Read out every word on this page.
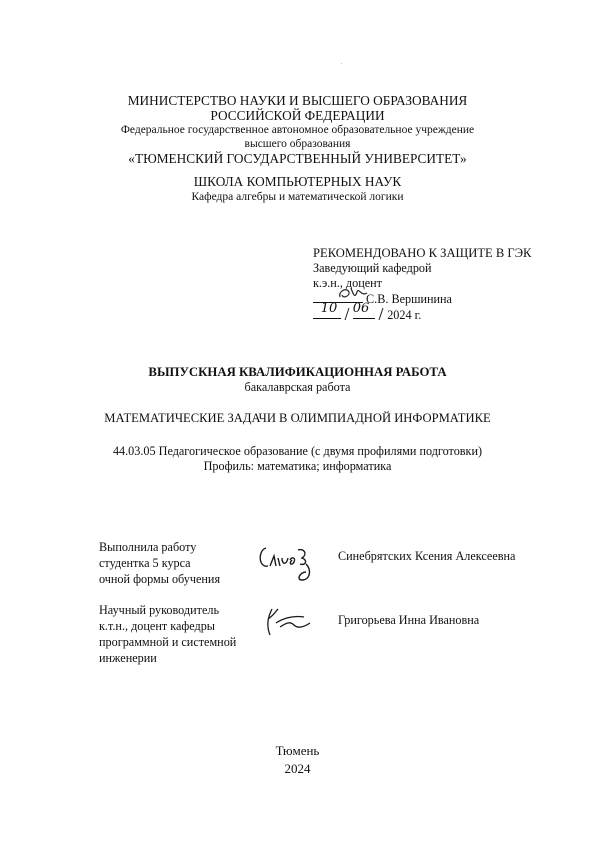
.
МИНИСТЕРСТВО НАУКИ И ВЫСШЕГО ОБРАЗОВАНИЯ
РОССИЙСКОЙ ФЕДЕРАЦИИ
Федеральное государственное автономное образовательное учреждение
высшего образования
«ТЮМЕНСКИЙ ГОСУДАРСТВЕННЫЙ УНИВЕРСИТЕТ»
ШКОЛА КОМПЬЮТЕРНЫХ НАУК
Кафедра алгебры и математической логики
РЕКОМЕНДОВАНО К ЗАЩИТЕ В ГЭК
Заведующий кафедрой
к.э.н., доцент

С.В. Вершинина

10
06	2024 г.
ВЫПУСКНАЯ КВАЛИФИКАЦИОННАЯ РАБОТА
бакалаврская работа
МАТЕМАТИЧЕСКИЕ ЗАДАЧИ В ОЛИМПИАДНОЙ ИНФОРМАТИКЕ
44.03.05 Педагогическое образование (с двумя профилями подготовки)
Профиль: математика; информатика
Выполнила работу
студентка 5 курса
очной формы обучения
Синебрятских Ксения Алексеевна
Научный руководитель
к.т.н., доцент кафедры
программной и системной
инженерии
Григорьева Инна Ивановна
Тюмень
2024
